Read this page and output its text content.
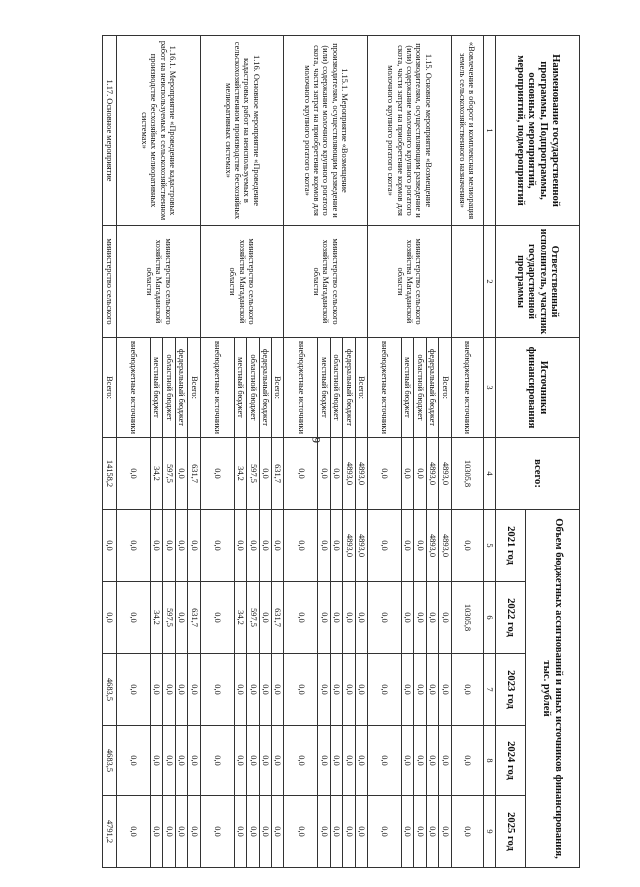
9
Наименование государственной программы, Подпрограммы, основных мероприятий, мероприятий, подмероприятий	Ответственный исполнитель, участник государственной программы	Источники финансирования	всего:	Объем бюджетных ассигнований и иных источников финансирования, тыс. рублей				
				2021 год	2022 год	2023 год	2024 год	2025 год
1	2	3	4	5	6	7	8	9
«Вовлечение в оборот и комплексная мелиорация земель сельскохозяйственного назначения»		внебюджетные источники	10305,8	0,0	10305,8	0,0	0,0	0,0
1.15. Основное мероприятие «Возмещение производителям, осуществляющим разведение и (или) содержание молочного крупного рогатого скота, части затрат на приобретение кормов для молочного крупного рогатого скота»	министерство сельского хозяйства Магаданской области	Всего:	4893,0	4893,0	0,0	0,0	0,0	0,0
		федеральный бюджет	4893,0	4893,0	0,0	0,0	0,0	0,0
		областной бюджет	0,0	0,0	0,0	0,0	0,0	0,0
		местный бюджет	0,0	0,0	0,0	0,0	0,0	0,0
		внебюджетные источники	0,0	0,0	0,0	0,0	0,0	0,0
1.15.1. Мероприятие «Возмещение производителям, осуществляющим разведение и (или) содержание молочного крупного рогатого скота, части затрат на приобретение кормов для молочного крупного рогатого скота»	министерство сельского хозяйства Магаданской области	Всего:	4893,0	4893,0	0,0	0,0	0,0	0,0
		федеральный бюджет	4893,0	4893,0	0,0	0,0	0,0	0,0
		областной бюджет	0,0	0,0	0,0	0,0	0,0	0,0
		местный бюджет	0,0	0,0	0,0	0,0	0,0	0,0
		внебюджетные источники	0,0	0,0	0,0	0,0	0,0	0,0
1.16. Основное мероприятие «Проведение кадастровых работ на неиспользуемых в сельскохозяйственном производстве бесхозяйных мелиоративных системах»	министерство сельского хозяйства Магаданской области	Всего:	631,7	0,0	631,7	0,0	0,0	0,0
		федеральный бюджет	0,0	0,0	0,0	0,0	0,0	0,0
		областной бюджет	597,5	0,0	597,5	0,0	0,0	0,0
		местный бюджет	34,2	0,0	34,2	0,0	0,0	0,0
		внебюджетные источники	0,0	0,0	0,0	0,0	0,0	0,0
1.16.1. Мероприятие «Проведение кадастровых работ на неиспользуемых в сельскохозяйственном производстве бесхозяйных мелиоративных системах»	министерство сельского хозяйства Магаданской области	Всего:	631,7	0,0	631,7	0,0	0,0	0,0
		федеральный бюджет	0,0	0,0	0,0	0,0	0,0	0,0
		областной бюджет	597,5	0,0	597,5	0,0	0,0	0,0
		местный бюджет	34,2	0,0	34,2	0,0	0,0	0,0
		внебюджетные источники	0,0	0,0	0,0	0,0	0,0	0,0
1.17. Основное мероприятие	министерство сельского	Всего:	14158,2	0,0	0,0	4683,5	4683,5	4791,2
